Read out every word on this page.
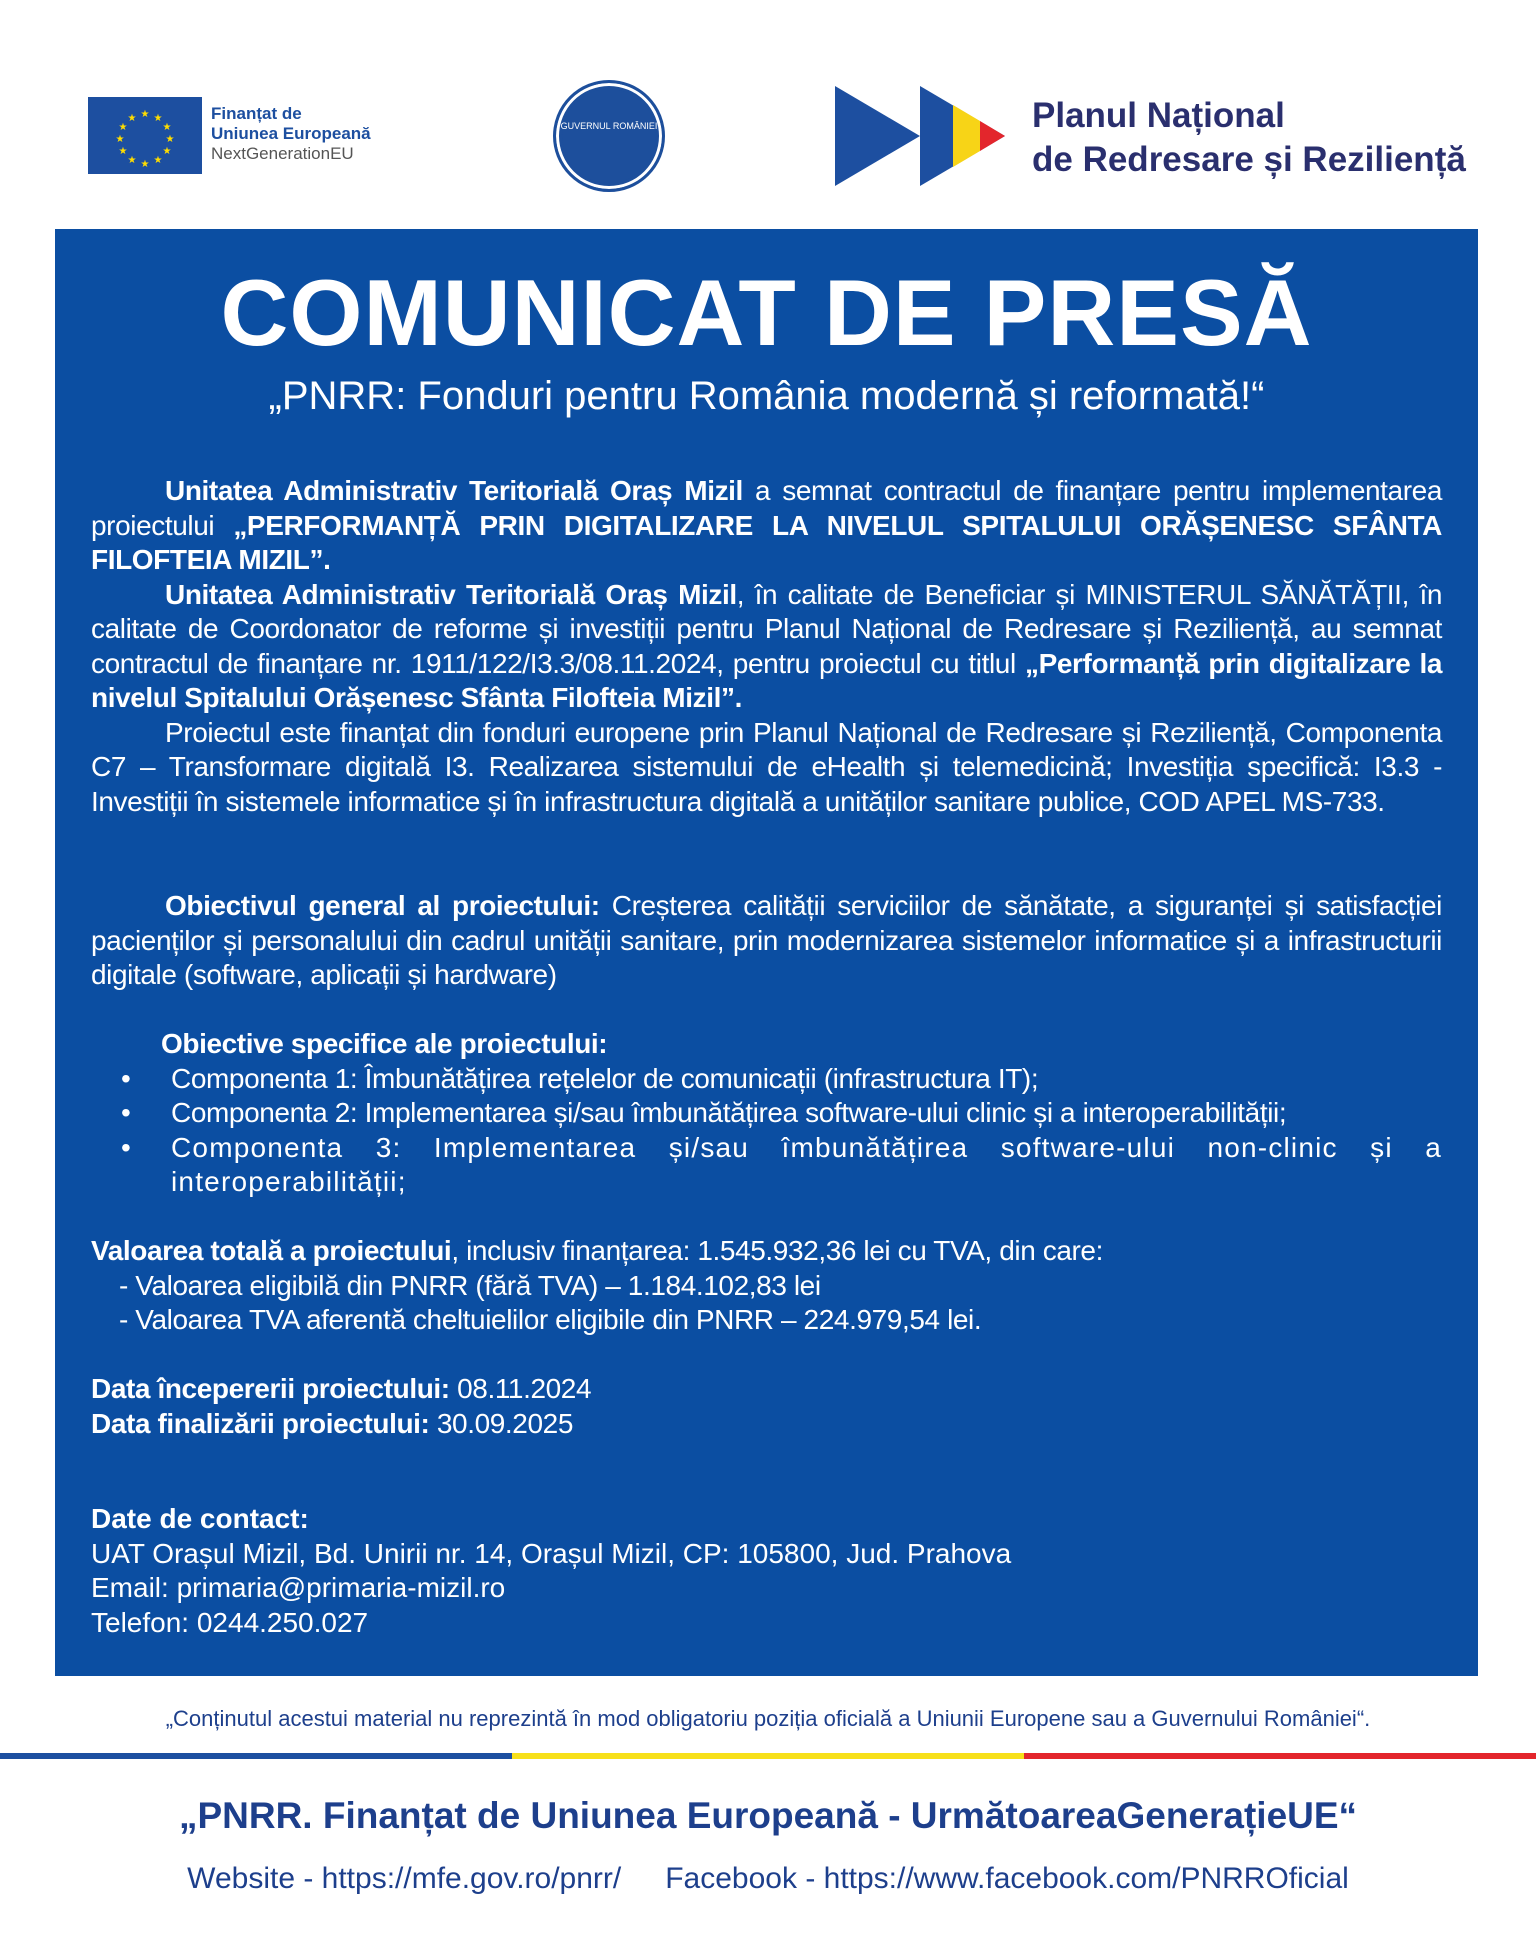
★ ★
★
★
★
★
★
★
★
★
★
★	Finanțat de
Uniunea Europeană
NextGenerationEU
GUVERNUL ROMÂNIEI	Planul Național
de Redresare și Reziliență
COMUNICAT DE PRESĂ
„PNRR: Fonduri pentru România modernă și reformată!“

Unitatea Administrativ Teritorială Oraș Mizil a semnat contractul de finanțare pentru implementarea proiectului „PERFORMANȚĂ PRIN DIGITALIZARE LA NIVELUL SPITALULUI ORĂȘENESC SFÂNTA FILOFTEIA MIZIL”.

Unitatea Administrativ Teritorială Oraș Mizil, în calitate de Beneficiar și MINISTERUL SĂNĂTĂȚII, în calitate de Coordonator de reforme și investiții pentru Planul Național de Redresare și Reziliență, au semnat contractul de finanțare nr. 1911/122/I3.3/08.11.2024, pentru proiectul cu titlul „Performanță prin digitalizare la nivelul Spitalului Orășenesc Sfânta Filofteia Mizil”.

Proiectul este finanțat din fonduri europene prin Planul Național de Redresare și Reziliență, Componenta C7 – Transformare digitală I3. Realizarea sistemului de eHealth și telemedicină; Investiția specifică: I3.3 - Investiții în sistemele informatice și în infrastructura digitală a unităților sanitare publice, COD APEL MS-733.

Obiectivul general al proiectului: Creșterea calității serviciilor de sănătate, a siguranței și satisfacției pacienților și personalului din cadrul unității sanitare, prin modernizarea sistemelor informatice și a infrastructurii digitale (software, aplicații și hardware)

Obiective specifice ale proiectului:

• Componenta 1: Îmbunătățirea rețelelor de comunicații (infrastructura IT);
• Componenta 2: Implementarea și/sau îmbunătățirea software-ului clinic și a interoperabilității;
• Componenta 3: Implementarea și/sau îmbunătățirea software-ului non-clinic și a interoperabilității;

Valoarea totală a proiectului, inclusiv finanțarea: 1.545.932,36 lei cu TVA, din care:

- Valoarea eligibilă din PNRR (fără TVA) – 1.184.102,83 lei

- Valoarea TVA aferentă cheltuielilor eligibile din PNRR – 224.979,54 lei.

Data începererii proiectului: 08.11.2024

Data finalizării proiectului: 30.09.2025

Date de contact:

UAT Orașul Mizil, Bd. Unirii nr. 14, Orașul Mizil, CP: 105800, Jud. Prahova

Email: primaria@primaria-mizil.ro

Telefon: 0244.250.027

„Conținutul acestui material nu reprezintă în mod obligatoriu poziția oficială a Uniunii Europene sau a Guvernului României“.
„PNRR. Finanțat de Uniunea Europeană - UrmătoareaGenerațieUE“
Website - https://mfe.gov.ro/pnrr/ Facebook - https://www.facebook.com/PNRROficial
